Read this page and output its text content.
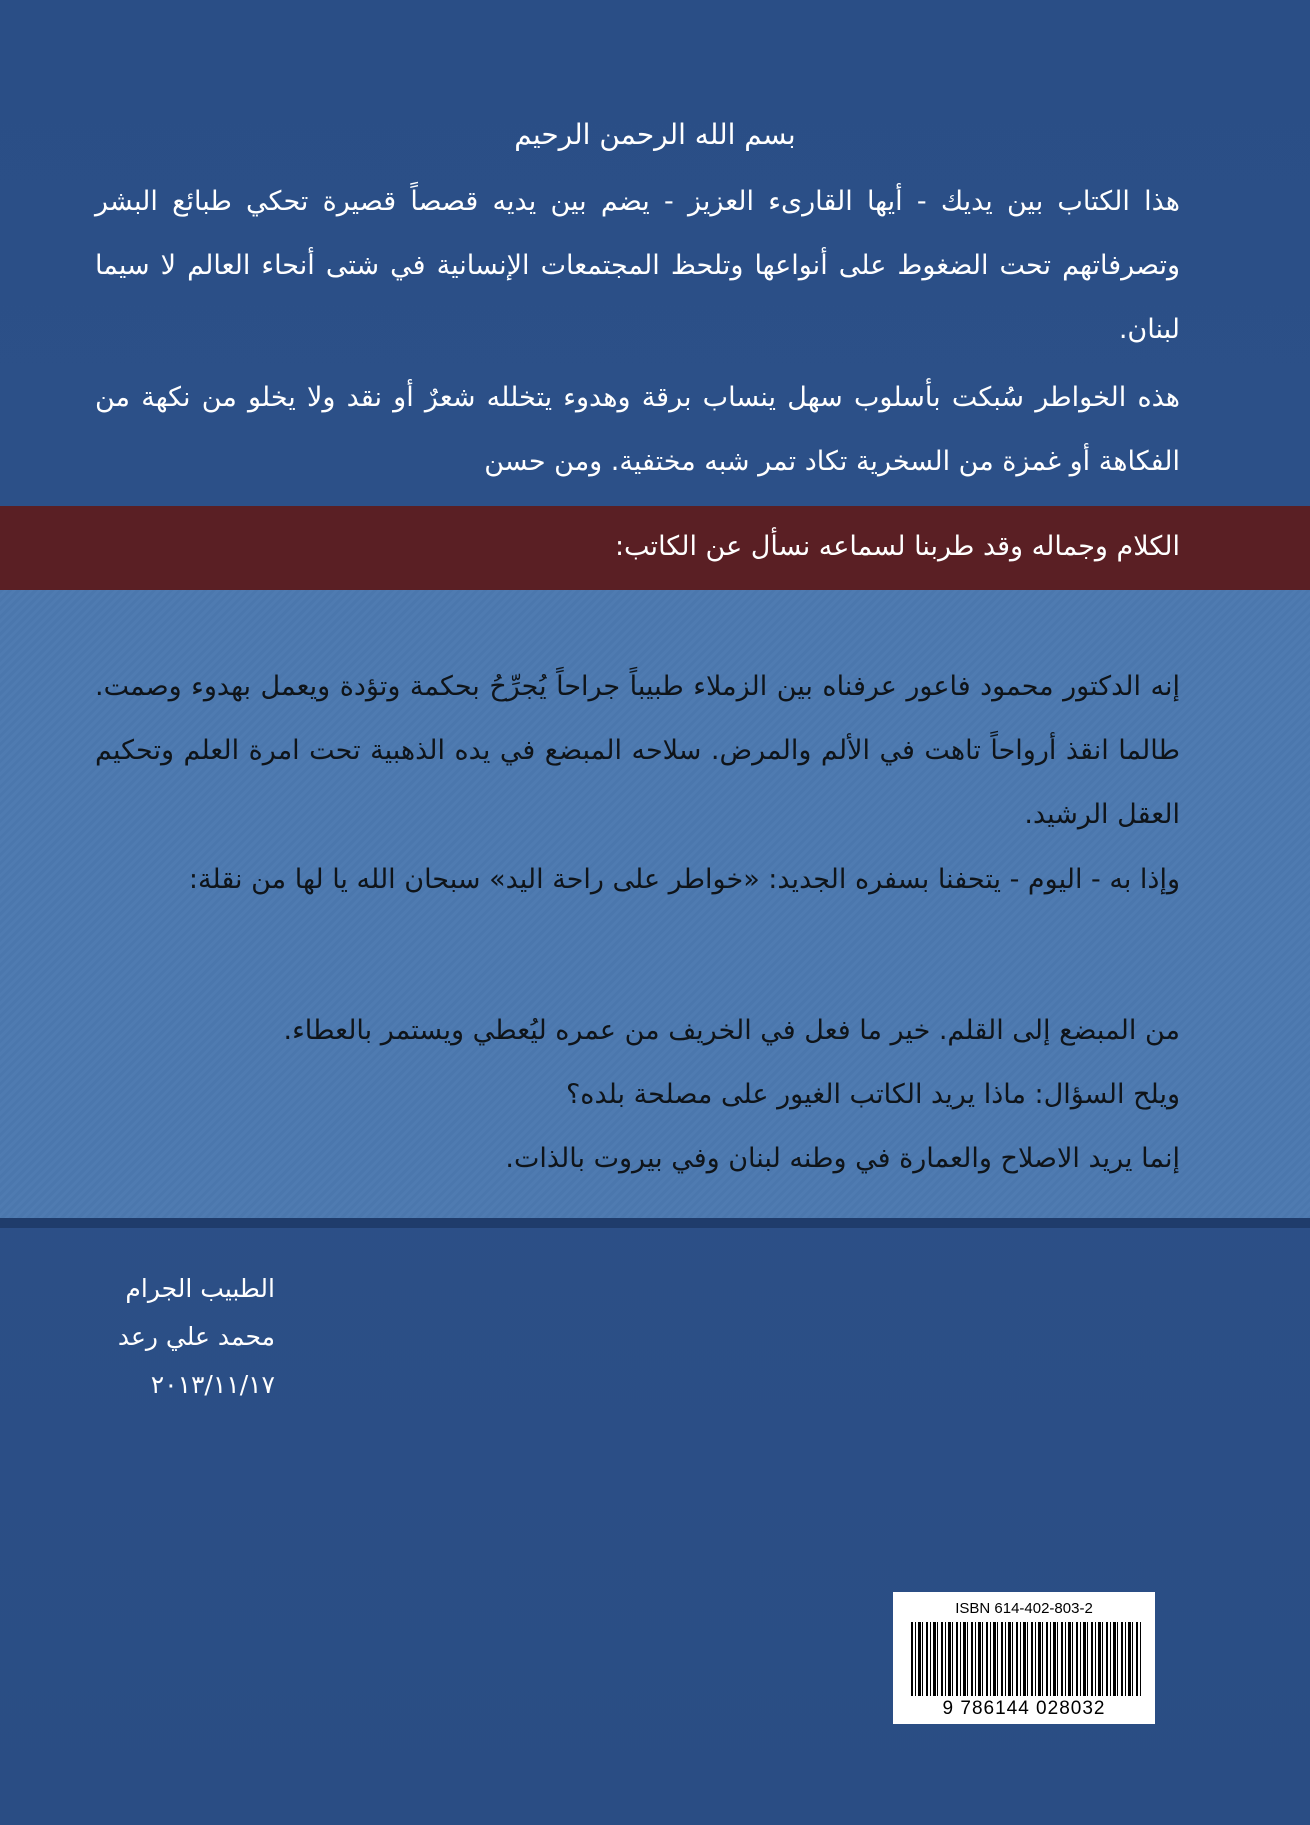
بسم الله الرحمن الرحيم
هذا الكتاب بين يديك - أيها القارىء العزيز - يضم بين يديه قصصاً قصيرة تحكي طبائع البشر وتصرفاتهم تحت الضغوط على أنواعها وتلحظ المجتمعات الإنسانية في شتى أنحاء العالم لا سيما لبنان.
هذه الخواطر سُبكت بأسلوب سهل ينساب برقة وهدوء يتخلله شعرٌ أو نقد ولا يخلو من نكهة من الفكاهة أو غمزة من السخرية تكاد تمر شبه مختفية. ومن حسن
الكلام وجماله وقد طربنا لسماعه نسأل عن الكاتب:
إنه الدكتور محمود فاعور عرفناه بين الزملاء طبيباً جراحاً يُجرِّحُ بحكمة وتؤدة ويعمل بهدوء وصمت. طالما انقذ أرواحاً تاهت في الألم والمرض. سلاحه المبضع في يده الذهبية تحت امرة العلم وتحكيم العقل الرشيد.
وإذا به - اليوم - يتحفنا بسفره الجديد: «خواطر على راحة اليد» سبحان الله يا لها من نقلة:
من المبضع إلى القلم. خير ما فعل في الخريف من عمره ليُعطي ويستمر بالعطاء.
ويلح السؤال: ماذا يريد الكاتب الغيور على مصلحة بلده؟
إنما يريد الاصلاح والعمارة في وطنه لبنان وفي بيروت بالذات.
الطبيب الجرام
محمد علي رعد
٢٠١٣/١١/١٧
ISBN 614-402-803-2
9 786144 028032
